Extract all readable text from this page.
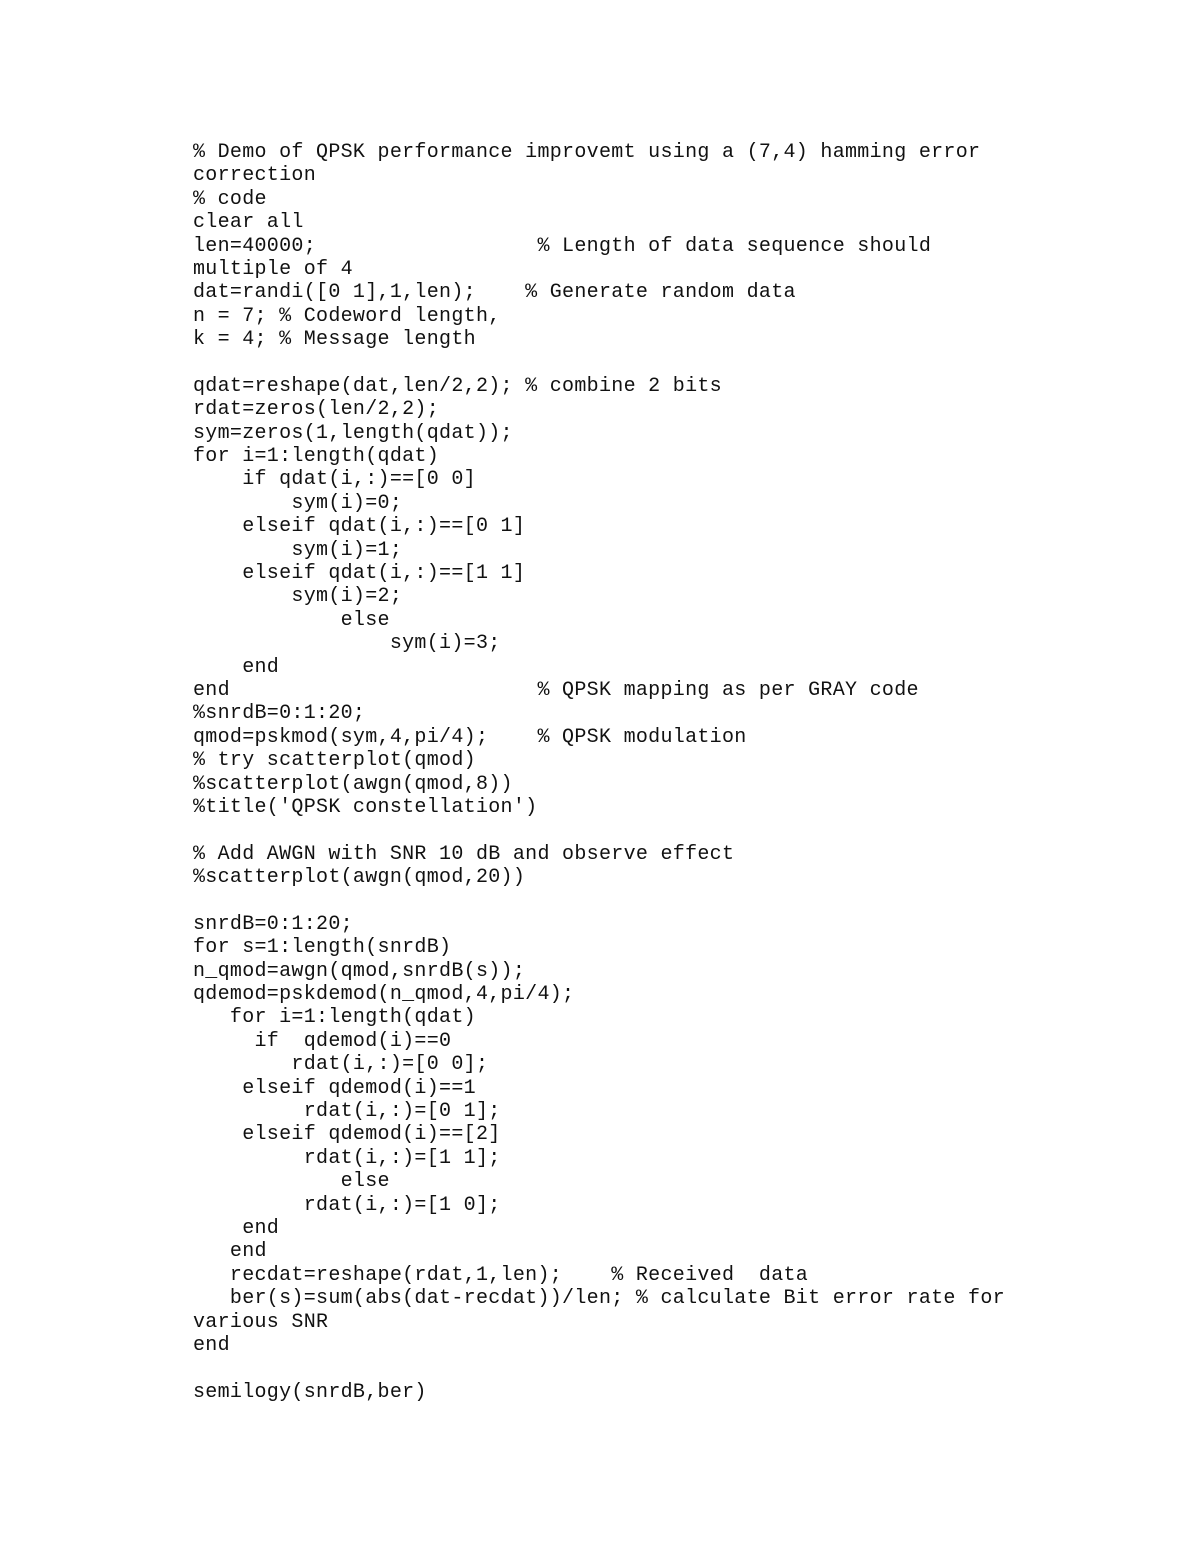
% Demo of QPSK performance improvemt using a (7,4) hamming error
correction
% code
clear all
len=40000;                  % Length of data sequence should
multiple of 4
dat=randi([0 1],1,len);    % Generate random data
n = 7; % Codeword length,
k = 4; % Message length
qdat=reshape(dat,len/2,2); % combine 2 bits
rdat=zeros(len/2,2);
sym=zeros(1,length(qdat));
for i=1:length(qdat)
if qdat(i,:)==[0 0]
sym(i)=0;
elseif qdat(i,:)==[0 1]
sym(i)=1;
elseif qdat(i,:)==[1 1]
sym(i)=2;
else
sym(i)=3;
end
end                         % QPSK mapping as per GRAY code
%snrdB=0:1:20;
qmod=pskmod(sym,4,pi/4);    % QPSK modulation
% try scatterplot(qmod)
%scatterplot(awgn(qmod,8))
%title('QPSK constellation')
% Add AWGN with SNR 10 dB and observe effect
%scatterplot(awgn(qmod,20))
snrdB=0:1:20;
for s=1:length(snrdB)
n_qmod=awgn(qmod,snrdB(s));
qdemod=pskdemod(n_qmod,4,pi/4);
for i=1:length(qdat)
if  qdemod(i)==0
rdat(i,:)=[0 0];
elseif qdemod(i)==1
rdat(i,:)=[0 1];
elseif qdemod(i)==[2]
rdat(i,:)=[1 1];
else
rdat(i,:)=[1 0];
end
end
recdat=reshape(rdat,1,len);    % Received  data
ber(s)=sum(abs(dat-recdat))/len; % calculate Bit error rate for
various SNR
end
semilogy(snrdB,ber)
